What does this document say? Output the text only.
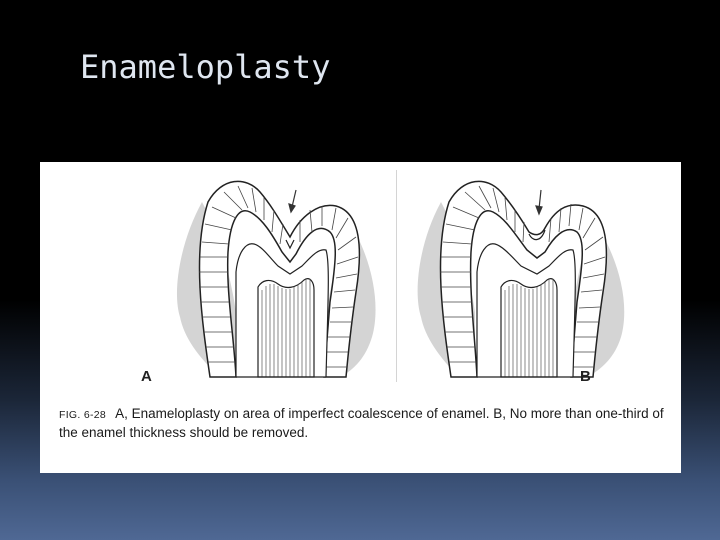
Enameloplasty
A	B
FIG. 6-28 A, Enameloplasty on area of imperfect coalescence of enamel. B, No more than one-third of the enamel thickness should be removed.
